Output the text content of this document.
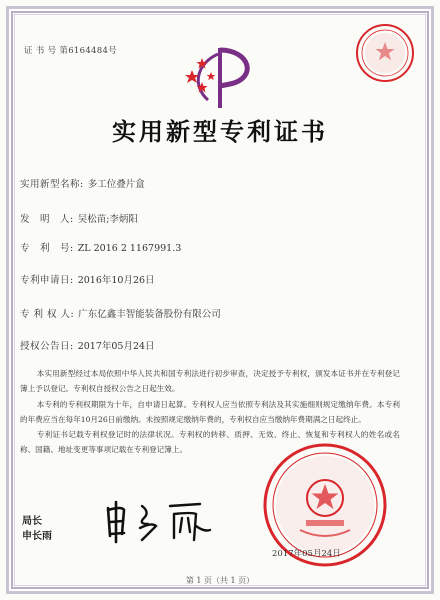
证 书 号 第6164484号
实用新型专利证书
实用新型名称: 多工位叠片盒
发　明　人: 吴松苗;李炳阳
专　利　号: ZL 2016 2 1167991.3
专利申请日: 2016年10月26日
专 利 权 人: 广东亿鑫丰智能装备股份有限公司
授权公告日: 2017年05月24日

本实用新型经过本局依照中华人民共和国专利法进行初步审查，决定授予专利权，颁发本证书并在专利登记簿上予以登记。专利权自授权公告之日起生效。

本专利的专利权期限为十年，自申请日起算。专利权人应当依照专利法及其实施细则规定缴纳年费。本专利的年费应当在每年10月26日前缴纳。未按照规定缴纳年费的，专利权自应当缴纳年费期满之日起终止。

专利证书记载专利权登记时的法律状况。专利权的转移、质押、无效、终止、恢复和专利权人的姓名或名称、国籍、地址变更等事项记载在专利登记簿上。

局长
申长雨
2017年05月24日
第 1 页（共 1 页）
